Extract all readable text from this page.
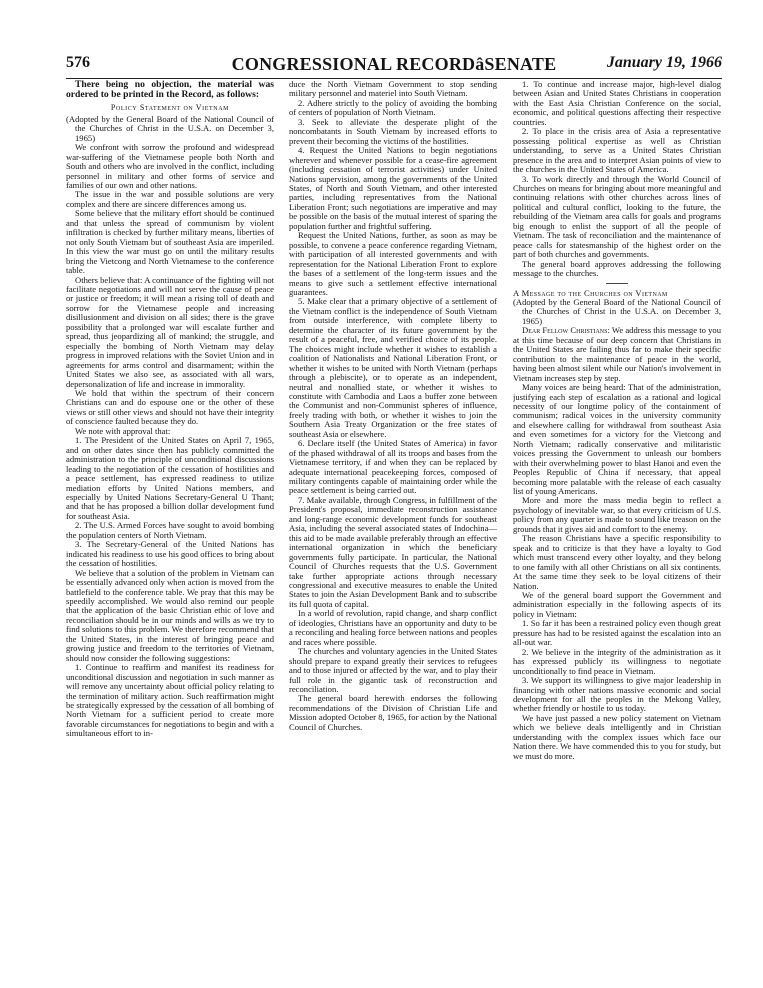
576	CONGRESSIONAL RECORDâSENATE	January 19, 1966

There being no objection, the material was ordered to be printed in the Record, as follows:

Policy Statement on Vietnam

(Adopted by the General Board of the National Council of the Churches of Christ in the U.S.A. on December 3, 1965)

We confront with sorrow the profound and widespread war-suffering of the Vietnamese people both North and South and others who are involved in the conflict, including personnel in military and other forms of service and families of our own and other nations.

The issue in the war and possible solutions are very complex and there are sincere differences among us.

Some believe that the military effort should be continued and that unless the spread of communism by violent infiltration is checked by further military means, liberties of not only South Vietnam but of southeast Asia are imperiled. In this view the war must go on until the military results bring the Vietcong and North Vietnamese to the conference table.

Others believe that: A continuance of the fighting will not facilitate negotiations and will not serve the cause of peace or justice or freedom; it will mean a rising toll of death and sorrow for the Vietnamese people and increasing disillusionment and division on all sides; there is the grave possibility that a prolonged war will escalate further and spread, thus jeopardizing all of mankind; the struggle, and especially the bombing of North Vietnam may delay progress in improved relations with the Soviet Union and in agreements for arms control and disarmament; within the United States we also see, as associated with all wars, depersonalization of life and increase in immorality.

We hold that within the spectrum of their concern Christians can and do espouse one or the other of these views or still other views and should not have their integrity of conscience faulted because they do.

We note with approval that:

1. The President of the United States on April 7, 1965, and on other dates since then has publicly committed the administration to the principle of unconditional discussions leading to the negotiation of the cessation of hostilities and a peace settlement, has expressed readiness to utilize mediation efforts by United Nations members, and especially by United Nations Secretary-General U Thant; and that he has proposed a billion dollar development fund for southeast Asia.

2. The U.S. Armed Forces have sought to avoid bombing the population centers of North Vietnam.

3. The Secretary-General of the United Nations has indicated his readiness to use his good offices to bring about the cessation of hostilities.

We believe that a solution of the problem in Vietnam can be essentially advanced only when action is moved from the battlefield to the conference table. We pray that this may be speedily accomplished. We would also remind our people that the application of the basic Christian ethic of love and reconciliation should be in our minds and wills as we try to find solutions to this problem. We therefore recommend that the United States, in the interest of bringing peace and growing justice and freedom to the territories of Vietnam, should now consider the following suggestions:

1. Continue to reaffirm and manifest its readiness for unconditional discussion and negotiation in such manner as will remove any uncertainty about official policy relating to the termination of military action. Such reaffirmation might be strategically expressed by the cessation of all bombing of North Vietnam for a sufficient period to create more favorable circumstances for negotiations to begin and with a simultaneous effort to in-

duce the North Vietnam Government to stop sending military personnel and materiel into South Vietnam.

2. Adhere strictly to the policy of avoiding the bombing of centers of population of North Vietnam.

3. Seek to alleviate the desperate plight of the noncombatants in South Vietnam by increased efforts to prevent their becoming the victims of the hostilities.

4. Request the United Nations to begin negotiations wherever and whenever possible for a cease-fire agreement (including cessation of terrorist activities) under United Nations supervision, among the governments of the United States, of North and South Vietnam, and other interested parties, including representatives from the National Liberation Front; such negotiations are imperative and may be possible on the basis of the mutual interest of sparing the population further and frightful suffering.

Request the United Nations, further, as soon as may be possible, to convene a peace conference regarding Vietnam, with participation of all interested governments and with representation for the National Liberation Front to explore the bases of a settlement of the long-term issues and the means to give such a settlement effective international guarantees.

5. Make clear that a primary objective of a settlement of the Vietnam conflict is the independence of South Vietnam from outside interference, with complete liberty to determine the character of its future government by the result of a peaceful, free, and verified choice of its people. The choices might include whether it wishes to establish a coalition of Nationalists and National Liberation Front, or whether it wishes to be united with North Vietnam (perhaps through a plebiscite), or to operate as an independent, neutral and nonallied state, or whether it wishes to constitute with Cambodia and Laos a buffer zone between the Communist and non-Communist spheres of influence, freely trading with both, or whether it wishes to join the Southern Asia Treaty Organization or the free states of southeast Asia or elsewhere.

6. Declare itself (the United States of America) in favor of the phased withdrawal of all its troops and bases from the Vietnamese territory, if and when they can be replaced by adequate international peacekeeping forces, composed of military contingents capable of maintaining order while the peace settlement is being carried out.

7. Make available, through Congress, in fulfillment of the President's proposal, immediate reconstruction assistance and long-range economic development funds for southeast Asia, including the several associated states of Indochina—this aid to be made available preferably through an effective international organization in which the beneficiary governments fully participate. In particular, the National Council of Churches requests that the U.S. Government take further appropriate actions through necessary congressional and executive measures to enable the United States to join the Asian Development Bank and to subscribe its full quota of capital.

In a world of revolution, rapid change, and sharp conflict of ideologies, Christians have an opportunity and duty to be a reconciling and healing force between nations and peoples and races where possible.

The churches and voluntary agencies in the United States should prepare to expand greatly their services to refugees and to those injured or affected by the war, and to play their full role in the gigantic task of reconstruction and reconciliation.

The general board herewith endorses the following recommendations of the Division of Christian Life and Mission adopted October 8, 1965, for action by the National Council of Churches.

1. To continue and increase major, high-level dialog between Asian and United States Christians in cooperation with the East Asia Christian Conference on the social, economic, and political questions affecting their respective countries.

2. To place in the crisis area of Asia a representative possessing political expertise as well as Christian understanding, to serve as a United States Christian presence in the area and to interpret Asian points of view to the churches in the United States of America.

3. To work directly and through the World Council of Churches on means for bringing about more meaningful and continuing relations with other churches across lines of political and cultural conflict, looking to the future, the rebuilding of the Vietnam area calls for goals and programs big enough to enlist the support of all the people of Vietnam. The task of reconciliation and the maintenance of peace calls for statesmanship of the highest order on the part of both churches and governments.

The general board approves addressing the following message to the churches.

A Message to the Churches on Vietnam

(Adopted by the General Board of the National Council of the Churches of Christ in the U.S.A. on December 3, 1965)

Dear Fellow Christians: We address this message to you at this time because of our deep concern that Christians in the United States are failing thus far to make their specific contribution to the maintenance of peace in the world, having been almost silent while our Nation's involvement in Vietnam increases step by step.

Many voices are being heard: That of the administration, justifying each step of escalation as a rational and logical necessity of our longtime policy of the containment of communism; radical voices in the university community and elsewhere calling for withdrawal from southeast Asia and even sometimes for a victory for the Vietcong and North Vietnam; radically conservative and militaristic voices pressing the Government to unleash our bombers with their overwhelming power to blast Hanoi and even the Peoples Republic of China if necessary, that appeal becoming more palatable with the release of each casualty list of young Americans.

More and more the mass media begin to reflect a psychology of inevitable war, so that every criticism of U.S. policy from any quarter is made to sound like treason on the grounds that it gives aid and comfort to the enemy.

The reason Christians have a specific responsibility to speak and to criticize is that they have a loyalty to God which must transcend every other loyalty, and they belong to one family with all other Christians on all six continents. At the same time they seek to be loyal citizens of their Nation.

We of the general board support the Government and administration especially in the following aspects of its policy in Vietnam:

1. So far it has been a restrained policy even though great pressure has had to be resisted against the escalation into an all-out war.

2. We believe in the integrity of the administration as it has expressed publicly its willingness to negotiate unconditionally to find peace in Vietnam.

3. We support its willingness to give major leadership in financing with other nations massive economic and social development for all the peoples in the Mekong Valley, whether friendly or hostile to us today.

We have just passed a new policy statement on Vietnam which we believe deals intelligently and in Christian understanding with the complex issues which face our Nation there. We have commended this to you for study, but we must do more.
